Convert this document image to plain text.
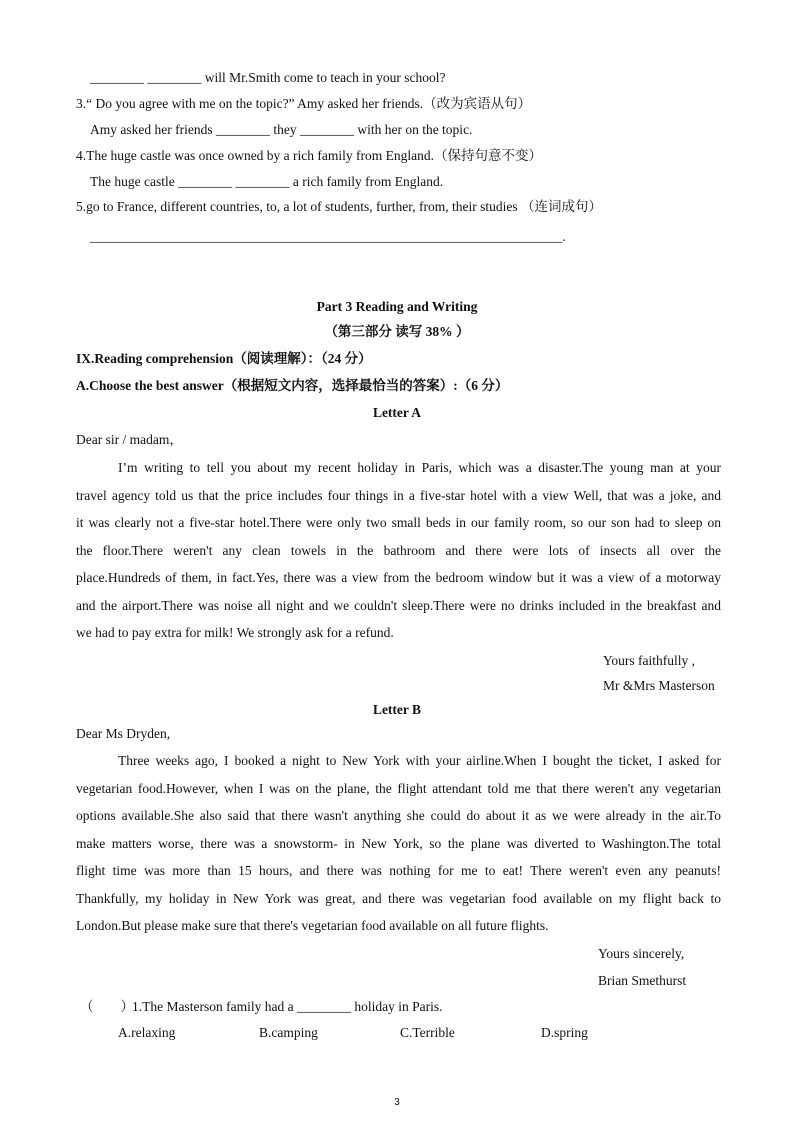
________ ________ will Mr.Smith come to teach in your school?
3.“ Do you agree with me on the topic?” Amy asked her friends.（改为宾语从句）
Amy asked her friends ________ they ________ with her on the topic.
4.The huge castle was once owned by a rich family from England.（保持句意不变）
The huge castle ________ ________ a rich family from England.
5.go to France, different countries, to, a lot of students, further, from, their studies （连词成句）
______________________________________________________________________.
Part 3 Reading and Writing
（第三部分 读写 38% ）
IX.Reading comprehension（阅读理解）：（24 分）
A.Choose the best answer（根据短文内容，选择最恰当的答案）:（6 分）
Letter A
Dear sir / madam，
I’m writing to tell you about my recent holiday in Paris, which was a disaster.The young man at your
travel agency told us that the price includes four things in a five-star hotel with a view Well, that was a joke, and
it was clearly not a five-star hotel.There were only two small beds in our family room, so our son had to sleep on
the floor.There weren't any clean towels in the bathroom and there were lots of insects all over the
place.Hundreds of them, in fact.Yes, there was a view from the bedroom window but it was a view of a motorway
and the airport.There was noise all night and we couldn't sleep.There were no drinks included in the breakfast and
we had to pay extra for milk! We strongly ask for a refund.
Yours faithfully ,
Mr &Mrs Masterson
Letter B
Dear Ms Dryden,
Three weeks ago, I booked a night to New York with your airline.When I bought the ticket, I asked for
vegetarian food.However, when I was on the plane, the flight attendant told me that there weren't any vegetarian
options available.She also said that there wasn't anything she could do about it as we were already in the air.To
make matters worse, there was a snowstorm- in New York, so the plane was diverted to Washington.The total
flight time was more than 15 hours, and there was nothing for me to eat! There weren't even any peanuts!
Thankfully, my holiday in New York was great, and there was vegetarian food available on my flight back to
London.But please make sure that there's vegetarian food available on all future flights.
Yours sincerely,
Brian Smethurst
（　　）
1.The Masterson family had a ________ holiday in Paris.
A.relaxing	B.camping	C.Terrible	D.spring
3
